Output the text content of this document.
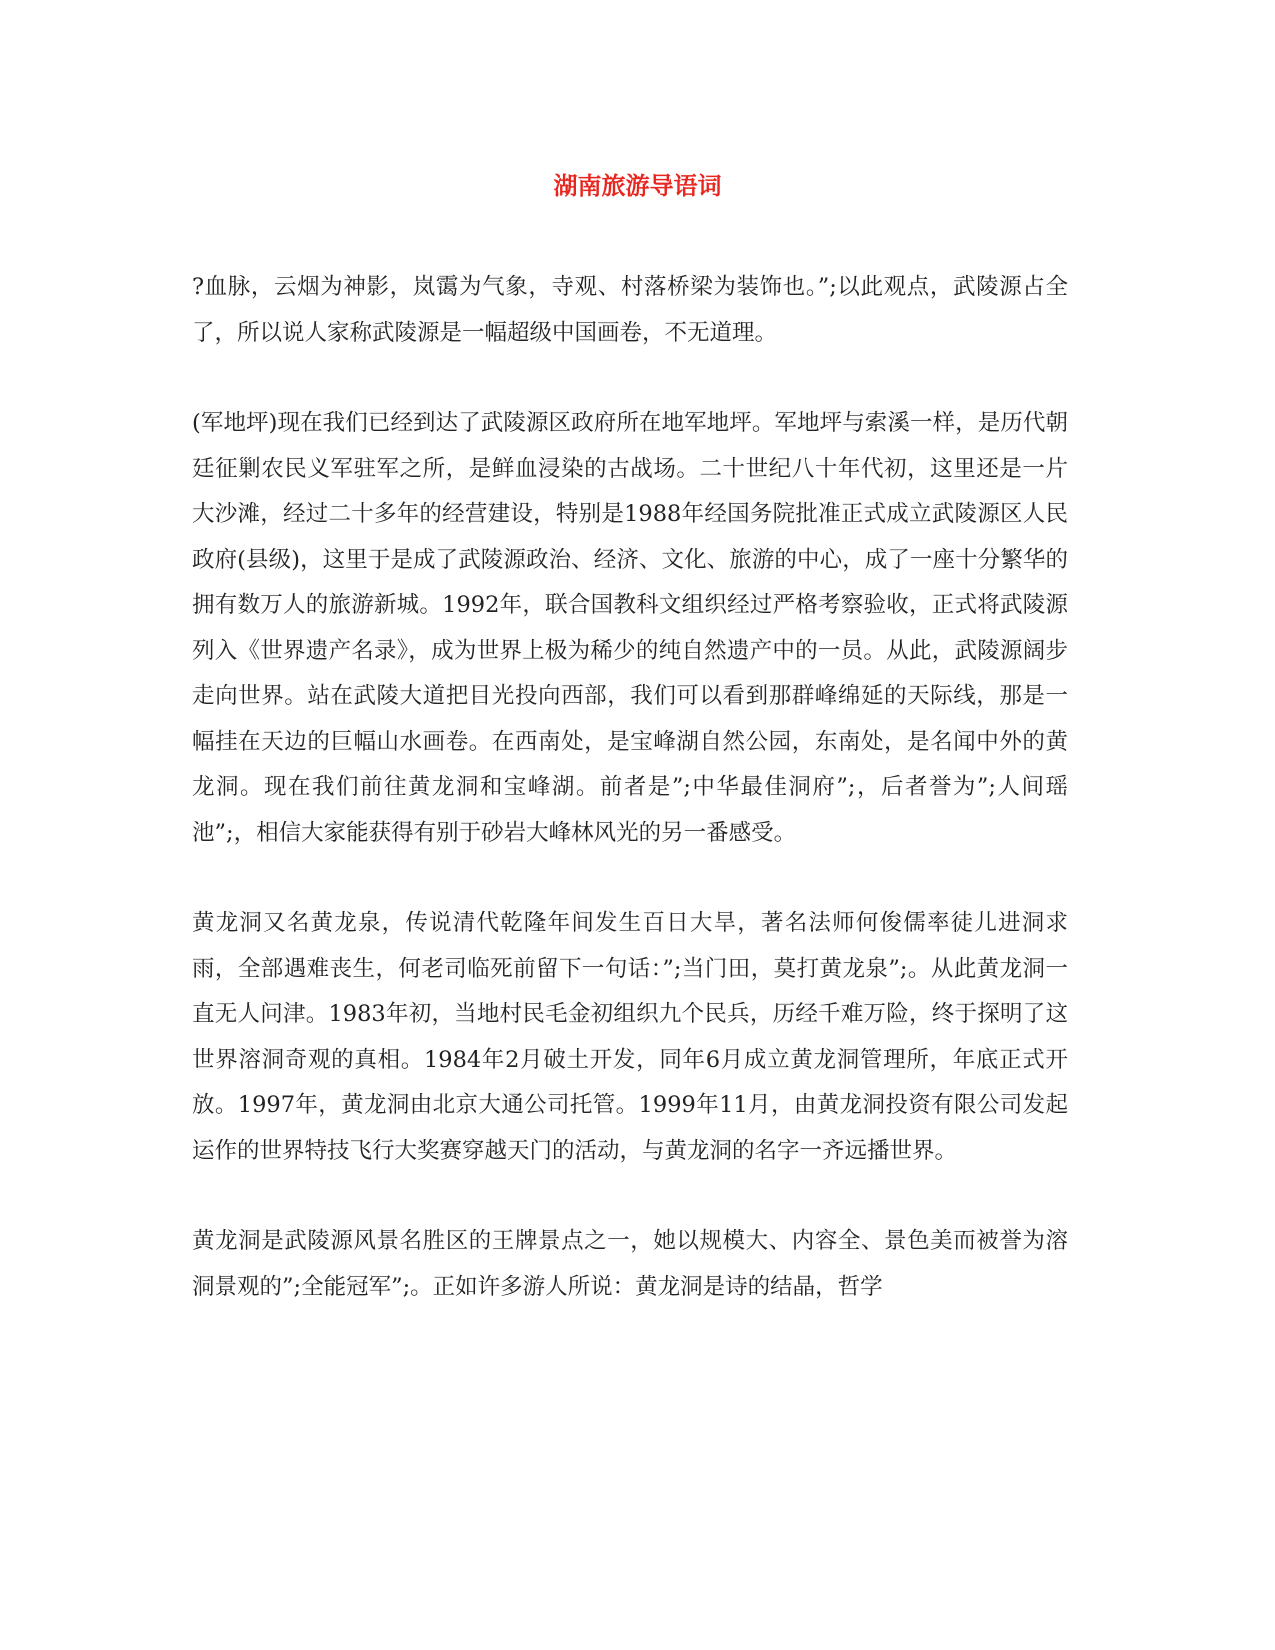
湖南旅游导语词

?血脉，云烟为神影，岚霭为气象，寺观、村落桥梁为装饰也。”;以此观点，武陵源占全了，所以说人家称武陵源是一幅超级中国画卷，不无道理。

(军地坪)现在我们已经到达了武陵源区政府所在地军地坪。军地坪与索溪一样，是历代朝廷征剿农民义军驻军之所，是鲜血浸染的古战场。二十世纪八十年代初，这里还是一片大沙滩，经过二十多年的经营建设，特别是1988年经国务院批准正式成立武陵源区人民政府(县级)，这里于是成了武陵源政治、经济、文化、旅游的中心，成了一座十分繁华的拥有数万人的旅游新城。1992年，联合国教科文组织经过严格考察验收，正式将武陵源列入《世界遗产名录》，成为世界上极为稀少的纯自然遗产中的一员。从此，武陵源阔步走向世界。站在武陵大道把目光投向西部，我们可以看到那群峰绵延的天际线，那是一幅挂在天边的巨幅山水画卷。在西南处，是宝峰湖自然公园，东南处，是名闻中外的黄龙洞。现在我们前往黄龙洞和宝峰湖。前者是”;中华最佳洞府”;，后者誉为”;人间瑶池”;，相信大家能获得有别于砂岩大峰林风光的另一番感受。

黄龙洞又名黄龙泉，传说清代乾隆年间发生百日大旱，著名法师何俊儒率徒儿进洞求雨，全部遇难丧生，何老司临死前留下一句话：”;当门田，莫打黄龙泉”;。从此黄龙洞一直无人问津。1983年初，当地村民毛金初组织九个民兵，历经千难万险，终于探明了这世界溶洞奇观的真相。1984年2月破土开发，同年6月成立黄龙洞管理所，年底正式开放。1997年，黄龙洞由北京大通公司托管。1999年11月，由黄龙洞投资有限公司发起运作的世界特技飞行大奖赛穿越天门的活动，与黄龙洞的名字一齐远播世界。

黄龙洞是武陵源风景名胜区的王牌景点之一，她以规模大、内容全、景色美而被誉为溶洞景观的”;全能冠军”;。正如许多游人所说：黄龙洞是诗的结晶，哲学
